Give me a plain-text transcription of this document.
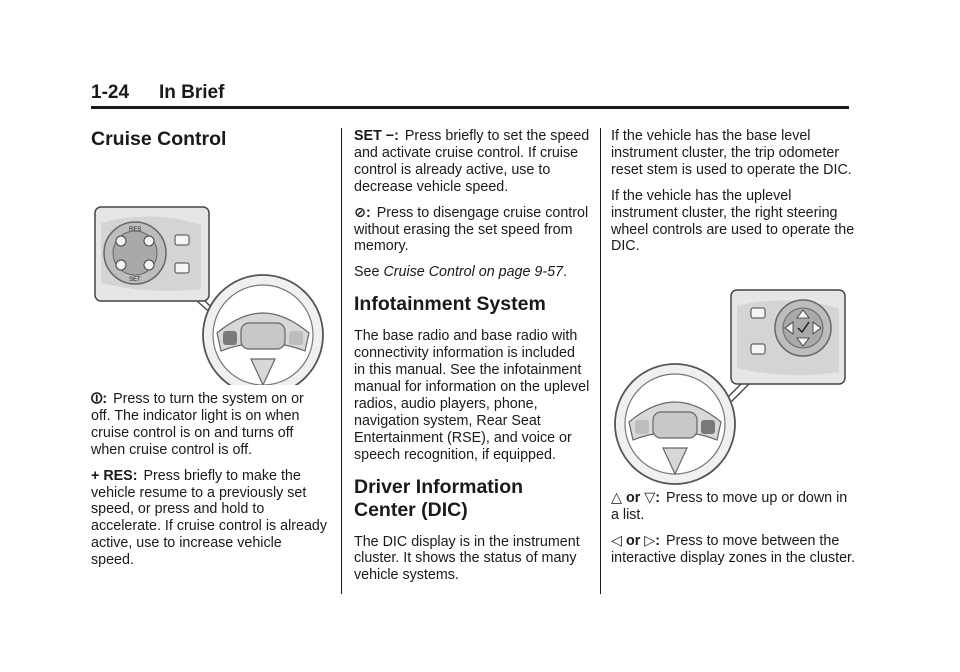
1-24 In Brief
Cruise Control
RES
SET

⏼: Press to turn the system on or off. The indicator light is on when cruise control is on and turns off when cruise control is off.

+ RES: Press briefly to make the vehicle resume to a previously set speed, or press and hold to accelerate. If cruise control is already active, use to increase vehicle speed.

SET −: Press briefly to set the speed and activate cruise control. If cruise control is already active, use to decrease vehicle speed.

⊘: Press to disengage cruise control without erasing the set speed from memory.

See Cruise Control on page 9-57.

Infotainment System

The base radio and base radio with connectivity information is included in this manual. See the infotainment manual for information on the uplevel radios, audio players, phone, navigation system, Rear Seat Entertainment (RSE), and voice or speech recognition, if equipped.

Driver Information Center (DIC)

The DIC display is in the instrument cluster. It shows the status of many vehicle systems.

If the vehicle has the base level instrument cluster, the trip odometer reset stem is used to operate the DIC.

If the vehicle has the uplevel instrument cluster, the right steering wheel controls are used to operate the DIC.

△ or ▽: Press to move up or down in a list.

◁ or ▷: Press to move between the interactive display zones in the cluster.
